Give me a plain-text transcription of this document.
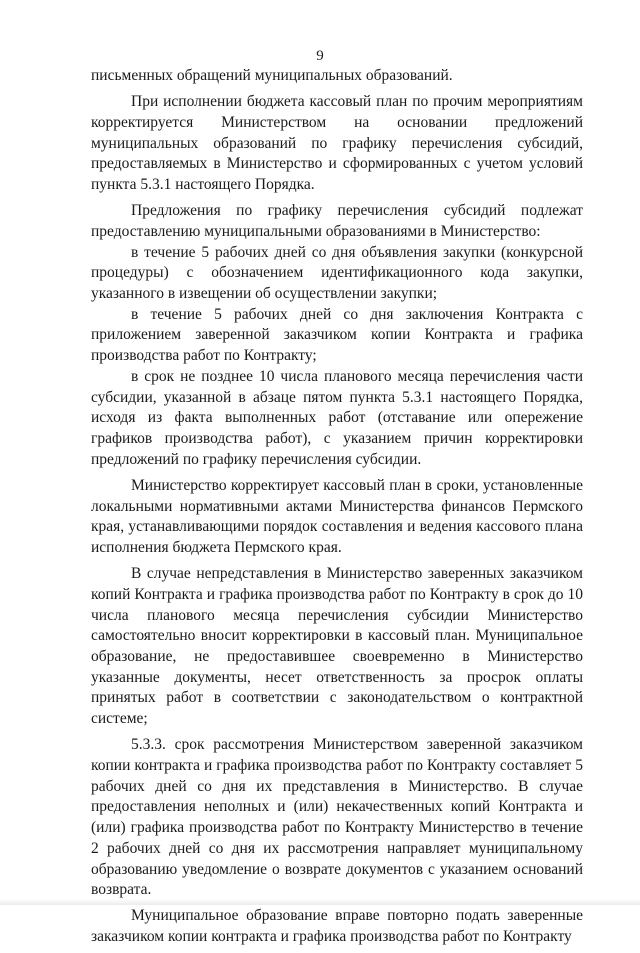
9

письменных обращений муниципальных образований.

При исполнении бюджета кассовый план по прочим мероприятиям корректируется Министерством на основании предложений муниципальных образований по графику перечисления субсидий, предоставляемых в Министерство и сформированных с учетом условий пункта 5.3.1 настоящего Порядка.

Предложения по графику перечисления субсидий подлежат предоставлению муниципальными образованиями в Министерство:

в течение 5 рабочих дней со дня объявления закупки (конкурсной процедуры) с обозначением идентификационного кода закупки, указанного в извещении об осуществлении закупки;

в течение 5 рабочих дней со дня заключения Контракта с приложением заверенной заказчиком копии Контракта и графика производства работ по Контракту;

в срок не позднее 10 числа планового месяца перечисления части субсидии, указанной в абзаце пятом пункта 5.3.1 настоящего Порядка, исходя из факта выполненных работ (отставание или опережение графиков производства работ), с указанием причин корректировки предложений по графику перечисления субсидии.

Министерство корректирует кассовый план в сроки, установленные локальными нормативными актами Министерства финансов Пермского края, устанавливающими порядок составления и ведения кассового плана исполнения бюджета Пермского края.

В случае непредставления в Министерство заверенных заказчиком копий Контракта и графика производства работ по Контракту в срок до 10 числа планового месяца перечисления субсидии Министерство самостоятельно вносит корректировки в кассовый план. Муниципальное образование, не предоставившее своевременно в Министерство указанные документы, несет ответственность за просрок оплаты принятых работ в соответствии с законодательством о контрактной системе;

5.3.3. срок рассмотрения Министерством заверенной заказчиком копии контракта и графика производства работ по Контракту составляет 5 рабочих дней со дня их представления в Министерство. В случае предоставления неполных и (или) некачественных копий Контракта и (или) графика производства работ по Контракту Министерство в течение 2 рабочих дней со дня их рассмотрения направляет муниципальному образованию уведомление о возврате документов с указанием оснований возврата.

Муниципальное образование вправе повторно подать заверенные заказчиком копии контракта и графика производства работ по Контракту
